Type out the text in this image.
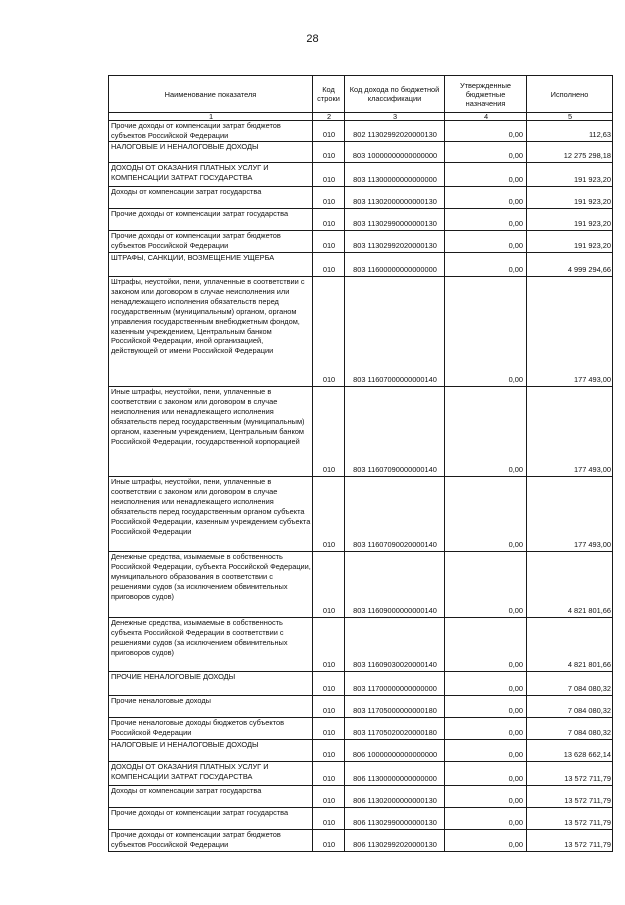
28
Наименование показателя	Код строки	Код дохода по бюджетной классификации	Утвержденные бюджетные назначения	Исполнено
1	2	3	4	5
Прочие доходы от компенсации затрат бюджетов субъектов Российской Федерации	010	802 11302992020000130	0,00	112,63
НАЛОГОВЫЕ И НЕНАЛОГОВЫЕ ДОХОДЫ	010	803 10000000000000000	0,00	12 275 298,18
ДОХОДЫ ОТ ОКАЗАНИЯ ПЛАТНЫХ УСЛУГ И КОМПЕНСАЦИИ ЗАТРАТ ГОСУДАРСТВА	010	803 11300000000000000	0,00	191 923,20
Доходы от компенсации затрат государства	010	803 11302000000000130	0,00	191 923,20
Прочие доходы от компенсации затрат государства	010	803 11302990000000130	0,00	191 923,20
Прочие доходы от компенсации затрат бюджетов субъектов Российской Федерации	010	803 11302992020000130	0,00	191 923,20
ШТРАФЫ, САНКЦИИ, ВОЗМЕЩЕНИЕ УЩЕРБА	010	803 11600000000000000	0,00	4 999 294,66
Штрафы, неустойки, пени, уплаченные в соответствии с законом или договором в случае неисполнения или ненадлежащего исполнения обязательств перед государственным (муниципальным) органом, органом управления государственным внебюджетным фондом, казенным учреждением, Центральным банком Российской Федерации, иной организацией, действующей от имени Российской Федерации	010	803 11607000000000140	0,00	177 493,00
Иные штрафы, неустойки, пени, уплаченные в соответствии с законом или договором в случае неисполнения или ненадлежащего исполнения обязательств перед государственным (муниципальным) органом, казенным учреждением, Центральным банком Российской Федерации, государственной корпорацией	010	803 11607090000000140	0,00	177 493,00
Иные штрафы, неустойки, пени, уплаченные в соответствии с законом или договором в случае неисполнения или ненадлежащего исполнения обязательств перед государственным органом субъекта Российской Федерации, казенным учреждением субъекта Российской Федерации	010	803 11607090020000140	0,00	177 493,00
Денежные средства, изымаемые в собственность Российской Федерации, субъекта Российской Федерации, муниципального образования в соответствии с решениями судов (за исключением обвинительных приговоров судов)	010	803 11609000000000140	0,00	4 821 801,66
Денежные средства, изымаемые в собственность субъекта Российской Федерации в соответствии с решениями судов (за исключением обвинительных приговоров судов)	010	803 11609030020000140	0,00	4 821 801,66
ПРОЧИЕ НЕНАЛОГОВЫЕ ДОХОДЫ	010	803 11700000000000000	0,00	7 084 080,32
Прочие неналоговые доходы	010	803 11705000000000180	0,00	7 084 080,32
Прочие неналоговые доходы бюджетов субъектов Российской Федерации	010	803 11705020020000180	0,00	7 084 080,32
НАЛОГОВЫЕ И НЕНАЛОГОВЫЕ ДОХОДЫ	010	806 10000000000000000	0,00	13 628 662,14
ДОХОДЫ ОТ ОКАЗАНИЯ ПЛАТНЫХ УСЛУГ И КОМПЕНСАЦИИ ЗАТРАТ ГОСУДАРСТВА	010	806 11300000000000000	0,00	13 572 711,79
Доходы от компенсации затрат государства	010	806 11302000000000130	0,00	13 572 711,79
Прочие доходы от компенсации затрат государства	010	806 11302990000000130	0,00	13 572 711,79
Прочие доходы от компенсации затрат бюджетов субъектов Российской Федерации	010	806 11302992020000130	0,00	13 572 711,79
